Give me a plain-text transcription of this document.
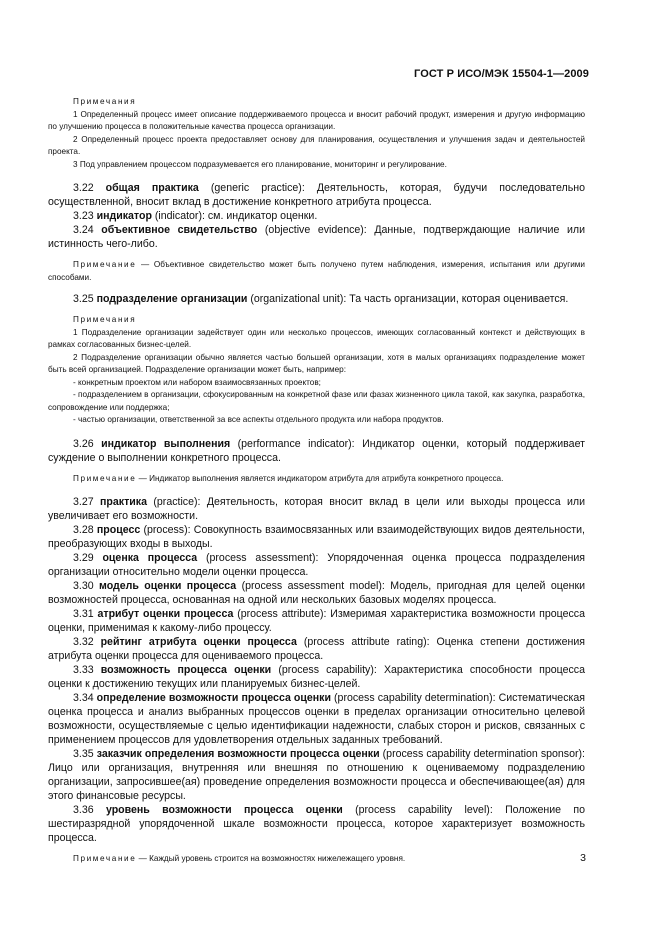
ГОСТ Р ИСО/МЭК 15504-1—2009

Примечания

1 Определенный процесс имеет описание поддерживаемого процесса и вносит рабочий продукт, измерения и другую информацию по улучшению процесса в положительные качества процесса организации.

2 Определенный процесс проекта предоставляет основу для планирования, осуществления и улучшения задач и деятельностей проекта.

3 Под управлением процессом подразумевается его планирование, мониторинг и регулирование.

3.22 общая практика (generic practice): Деятельность, которая, будучи последовательно осуществленной, вносит вклад в достижение конкретного атрибута процесса.

3.23 индикатор (indicator): см. индикатор оценки.

3.24 объективное свидетельство (objective evidence): Данные, подтверждающие наличие или истинность чего-либо.

Примечание — Объективное свидетельство может быть получено путем наблюдения, измерения, испытания или другими способами.

3.25 подразделение организации (organizational unit): Та часть организации, которая оценивается.

Примечания

1 Подразделение организации задействует один или несколько процессов, имеющих согласованный контекст и действующих в рамках согласованных бизнес-целей.

2 Подразделение организации обычно является частью большей организации, хотя в малых организациях подразделение может быть всей организацией. Подразделение организации может быть, например:

- конкретным проектом или набором взаимосвязанных проектов;

- подразделением в организации, сфокусированным на конкретной фазе или фазах жизненного цикла такой, как закупка, разработка, сопровождение или поддержка;

- частью организации, ответственной за все аспекты отдельного продукта или набора продуктов.

3.26 индикатор выполнения (performance indicator): Индикатор оценки, который поддерживает суждение о выполнении конкретного процесса.

Примечание — Индикатор выполнения является индикатором атрибута для атрибута конкретного процесса.

3.27 практика (practice): Деятельность, которая вносит вклад в цели или выходы процесса или увеличивает его возможности.

3.28 процесс (process): Совокупность взаимосвязанных или взаимодействующих видов деятельности, преобразующих входы в выходы.

3.29 оценка процесса (process assessment): Упорядоченная оценка процесса подразделения организации относительно модели оценки процесса.

3.30 модель оценки процесса (process assessment model): Модель, пригодная для целей оценки возможностей процесса, основанная на одной или нескольких базовых моделях процесса.

3.31 атрибут оценки процесса (process attribute): Измеримая характеристика возможности процесса оценки, применимая к какому-либо процессу.

3.32 рейтинг атрибута оценки процесса (process attribute rating): Оценка степени достижения атрибута оценки процесса для оцениваемого процесса.

3.33 возможность процесса оценки (process capability): Характеристика способности процесса оценки к достижению текущих или планируемых бизнес-целей.

3.34 определение возможности процесса оценки (process capability determination): Систематическая оценка процесса и анализ выбранных процессов оценки в пределах организации относительно целевой возможности, осуществляемые с целью идентификации надежности, слабых сторон и рисков, связанных с применением процессов для удовлетворения отдельных заданных требований.

3.35 заказчик определения возможности процесса оценки (process capability determination sponsor): Лицо или организация, внутренняя или внешняя по отношению к оцениваемому подразделению организации, запросившее(ая) проведение определения возможности процесса и обеспечивающее(ая) для этого финансовые ресурсы.

3.36 уровень возможности процесса оценки (process capability level): Положение по шестиразрядной упорядоченной шкале возможности процесса, которое характеризует возможность процесса.

Примечание — Каждый уровень строится на возможностях нижележащего уровня.	3
